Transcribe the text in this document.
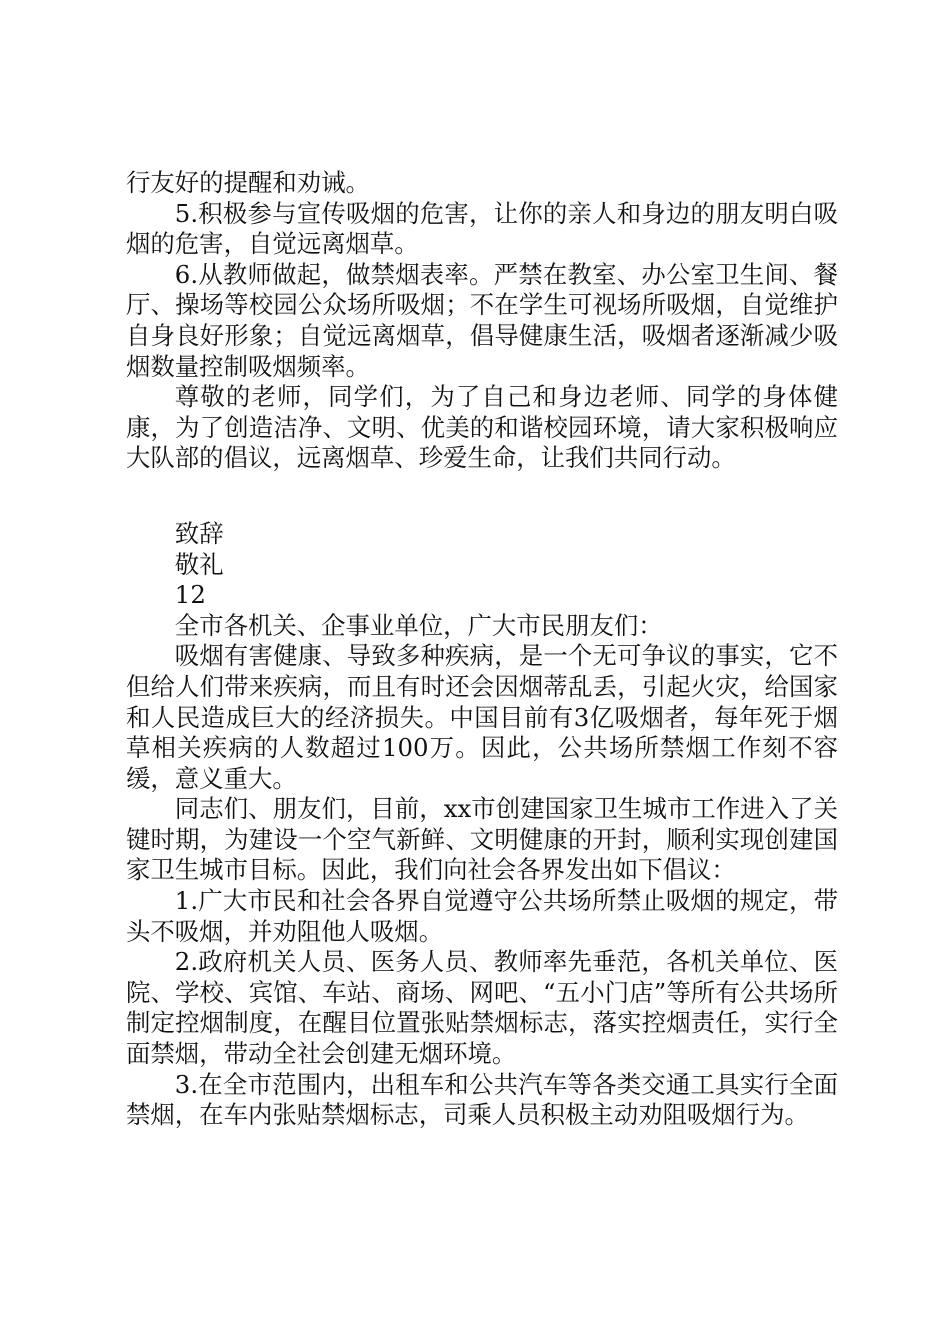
行友好的提醒和劝诫。

5.积极参与宣传吸烟的危害，让你的亲人和身边的朋友明白吸烟的危害，自觉远离烟草。

6.从教师做起，做禁烟表率。严禁在教室、办公室卫生间、餐厅、操场等校园公众场所吸烟；不在学生可视场所吸烟，自觉维护自身良好形象；自觉远离烟草，倡导健康生活，吸烟者逐渐减少吸烟数量控制吸烟频率。

尊敬的老师，同学们，为了自己和身边老师、同学的身体健康，为了创造洁净、文明、优美的和谐校园环境，请大家积极响应大队部的倡议，远离烟草、珍爱生命，让我们共同行动。

致辞

敬礼

12

全市各机关、企事业单位，广大市民朋友们：

吸烟有害健康、导致多种疾病，是一个无可争议的事实，它不但给人们带来疾病，而且有时还会因烟蒂乱丢，引起火灾，给国家和人民造成巨大的经济损失。中国目前有3亿吸烟者，每年死于烟草相关疾病的人数超过100万。因此，公共场所禁烟工作刻不容缓，意义重大。

同志们、朋友们，目前，xx市创建国家卫生城市工作进入了关键时期，为建设一个空气新鲜、文明健康的开封，顺利实现创建国家卫生城市目标。因此，我们向社会各界发出如下倡议：

1.广大市民和社会各界自觉遵守公共场所禁止吸烟的规定，带头不吸烟，并劝阻他人吸烟。

2.政府机关人员、医务人员、教师率先垂范，各机关单位、医院、学校、宾馆、车站、商场、网吧、“五小门店”等所有公共场所制定控烟制度，在醒目位置张贴禁烟标志，落实控烟责任，实行全面禁烟，带动全社会创建无烟环境。

3.在全市范围内，出租车和公共汽车等各类交通工具实行全面禁烟，在车内张贴禁烟标志，司乘人员积极主动劝阻吸烟行为。
